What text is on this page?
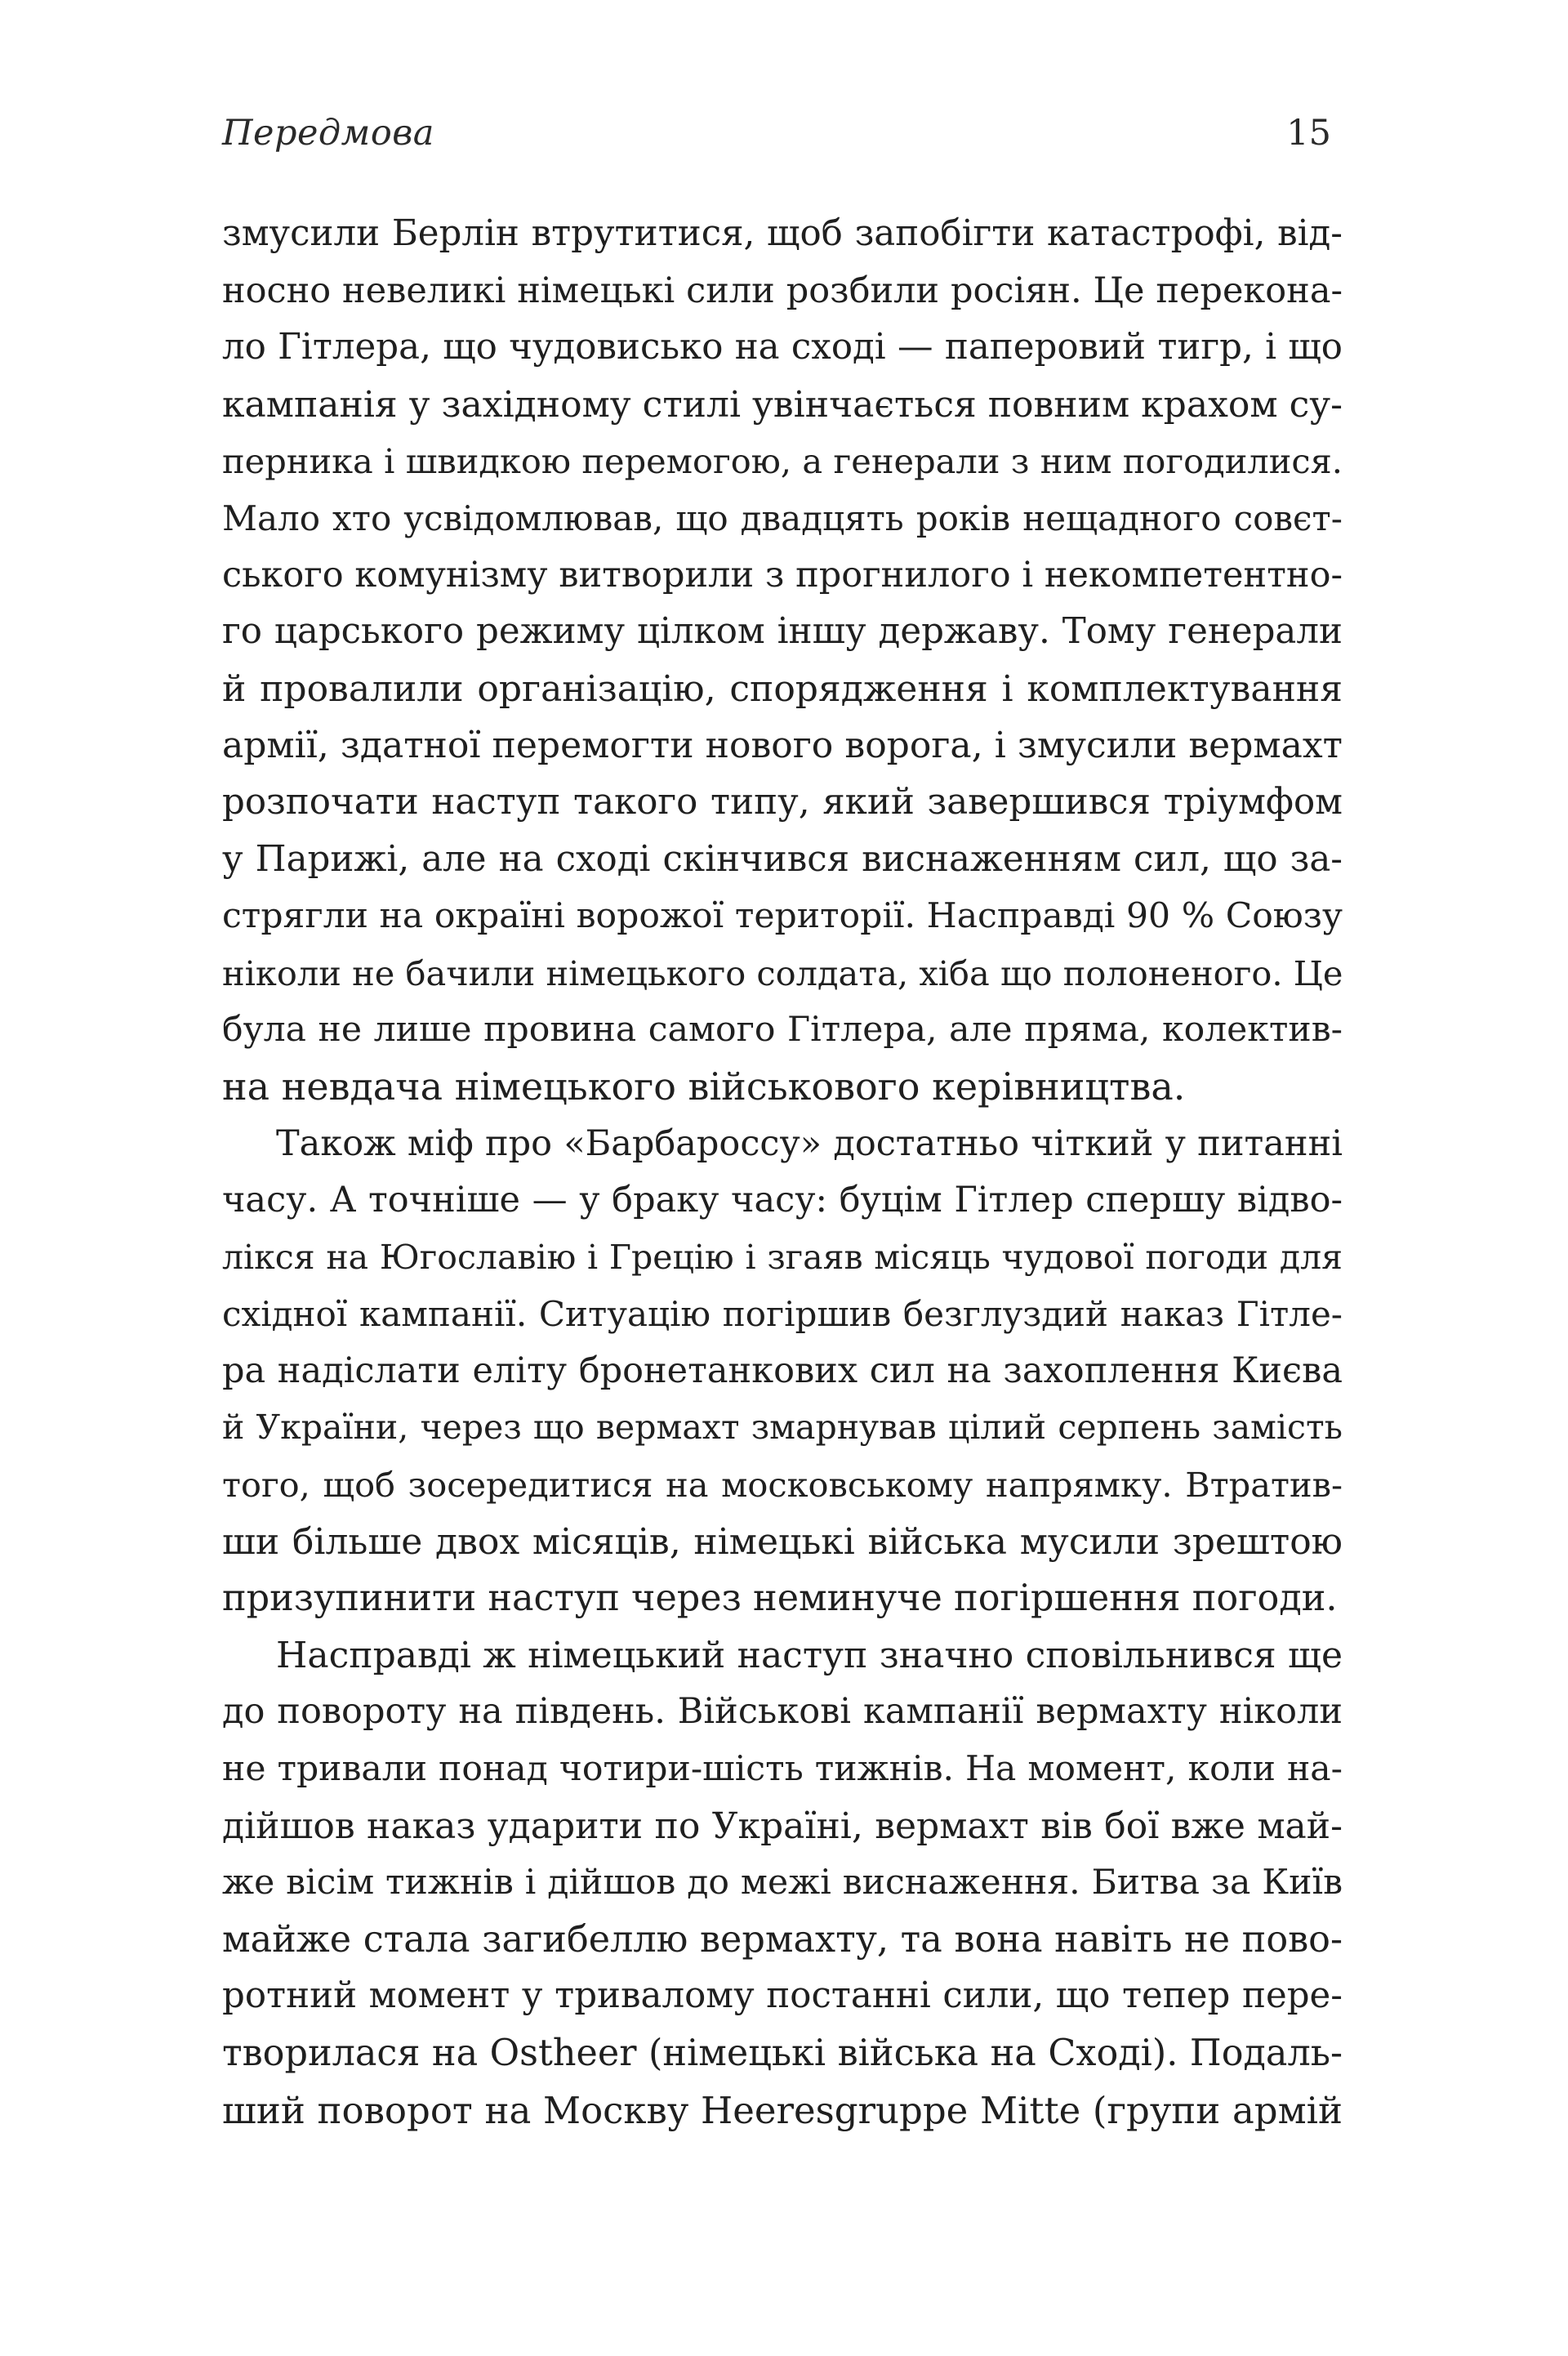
Передмова	15
змусили Берлін втрутитися, щоб запобігти катастрофі, від-
носно невеликі німецькі сили розбили росіян. Це переконa-
ло Гітлера, що чудовисько на сході — паперовий тигр, і що
кампанія у західному стилі увінчається повним крахом су-
перника і швидкою перемогою, а генерали з ним погодилися.
Мало хто усвідомлював, що двадцять років нещадного совєт-
ського комунізму витворили з прогнилого і некомпетентно-
го царського режиму цілком іншу державу. Тому генерали
й провалили організацію, спорядження і комплектування
армії, здатної перемогти нового ворога, і змусили вермахт
розпочати наступ такого типу, який завершився тріумфом
у Парижі, але на сході скінчився виснаженням сил, що за-
стрягли на окраїні ворожої території. Насправді 90 % Союзу
ніколи не бачили німецького солдата, хіба що полоненого. Це
була не лише провина самого Гітлера, але пряма, колектив-
на невдача німецького військового керівництва.
Також міф про «Барбароссу» достатньо чіткий у питанні
часу. А точніше — у браку часу: буцім Гітлер спершу відво-
лікся на Югославію і Грецію і згаяв місяць чудової погоди для
східної кампанії. Ситуацію погіршив безглуздий наказ Гітле-
ра надіслати еліту бронетанкових сил на захоплення Києва
й України, через що вермахт змарнував цілий серпень замість
того, щоб зосередитися на московському напрямку. Втратив-
ши більше двох місяців, німецькі війська мусили зрештою
призупинити наступ через неминуче погіршення погоди.
Насправді ж німецький наступ значно сповільнився ще
до повороту на південь. Військові кампанії вермахту ніколи
не тривали понад чотири-шість тижнів. На момент, коли на-
дійшов наказ ударити по Україні, вермахт вів бої вже май-
же вісім тижнів і дійшов до межі виснаження. Битва за Київ
майже стала загибеллю вермахту, та вона навіть не пово-
ротний момент у тривалому постанні сили, що тепер пере-
творилася на Ostheer (німецькі війська на Сході). Подаль-
ший поворот на Москву Heeresgruppe Mitte (групи армій
